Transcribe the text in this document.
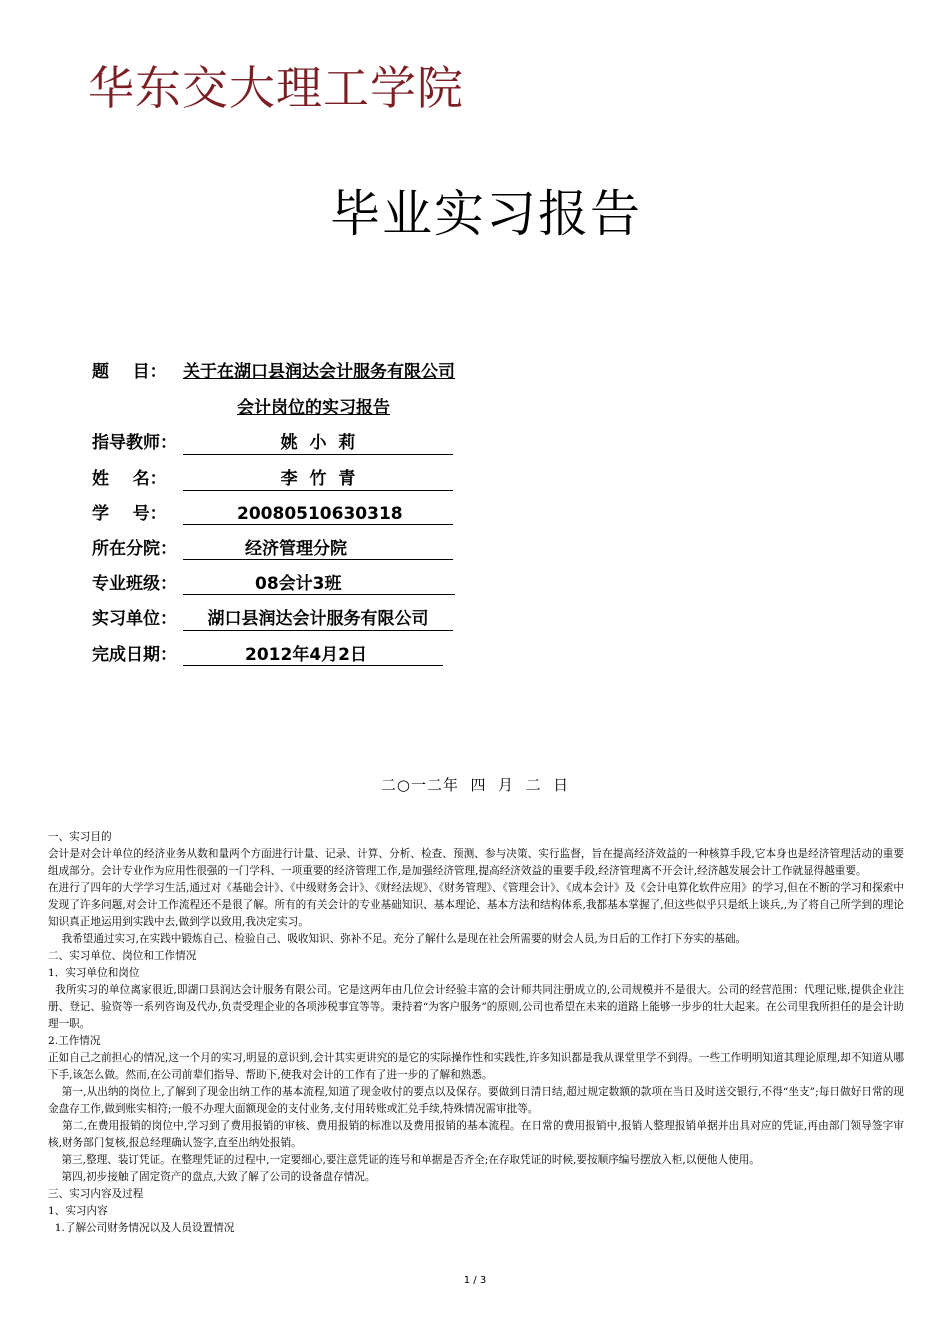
华东交大理工学院
毕业实习报告
题    目： 关于在湖口县润达会计服务有限公司
会计岗位的实习报告
指导教师：	姚  小  莉
姓    名：	李  竹  青
学    号：	20080510630318
所在分院：	经济管理分院
专业班级：	08会计3班
实习单位：	湖口县润达会计服务有限公司
完成日期：	2012年4月2日
二○一二年  四  月  二  日

一、实习目的

会计是对会计单位的经济业务从数和量两个方面进行计量、记录、计算、分析、检查、预测、参与决策、实行监督，旨在提高经济效益的一种核算手段,它本身也是经济管理活动的重要组成部分。会计专业作为应用性很强的一门学科、一项重要的经济管理工作,是加强经济管理,提高经济效益的重要手段,经济管理离不开会计,经济越发展会计工作就显得越重要。

在进行了四年的大学学习生活,通过对《基础会计》、《中级财务会计》、《财经法规》、《财务管理》、《管理会计》、《成本会计》及《会计电算化软件应用》的学习,但在不断的学习和探索中发现了许多问题,对会计工作流程还不是很了解。所有的有关会计的专业基础知识、基本理论、基本方法和结构体系,我都基本掌握了,但这些似乎只是纸上谈兵,,为了将自己所学到的理论知识真正地运用到实践中去,做到学以致用,我决定实习。

我希望通过实习,在实践中锻炼自己、检验自己、吸收知识、弥补不足。充分了解什么是现在社会所需要的财会人员,为日后的工作打下夯实的基础。

二、实习单位、岗位和工作情况

1．实习单位和岗位

我所实习的单位离家很近,即湖口县润达会计服务有限公司。它是这两年由几位会计经验丰富的会计师共同注册成立的,公司规模并不是很大。公司的经营范围：代理记账,提供企业注册、登记、验资等一系列咨询及代办,负责受理企业的各项涉税事宜等等。秉持着“为客户服务”的原则,公司也希望在未来的道路上能够一步步的壮大起来。在公司里我所担任的是会计助理一职。

2.工作情况

正如自己之前担心的情况,这一个月的实习,明显的意识到,会计其实更讲究的是它的实际操作性和实践性,许多知识都是我从课堂里学不到得。一些工作明明知道其理论原理,却不知道从哪下手,该怎么做。然而,在公司前辈们指导、帮助下,使我对会计的工作有了进一步的了解和熟悉。

第一,从出纳的岗位上,了解到了现金出纳工作的基本流程,知道了现金收付的要点以及保存。要做到日清日结,超过规定数额的款项在当日及时送交银行,不得“坐支”;每日做好日常的现金盘存工作,做到账实相符;一般不办理大面额现金的支付业务,支付用转账或汇兑手续,特殊情况需审批等。

第二,在费用报销的岗位中,学习到了费用报销的审核、费用报销的标准以及费用报销的基本流程。在日常的费用报销中,报销人整理报销单据并出具对应的凭证,再由部门领导签字审核,财务部门复核,报总经理确认签字,直至出纳处报销。

第三,整理、装订凭证。在整理凭证的过程中,一定要细心,要注意凭证的连号和单据是否齐全;在存取凭证的时候,要按顺序编号摆放入柜,以便他人使用。

第四,初步接触了固定资产的盘点,大致了解了公司的设备盘存情况。

三、实习内容及过程

1、实习内容

1.了解公司财务情况以及人员设置情况

1 / 3
